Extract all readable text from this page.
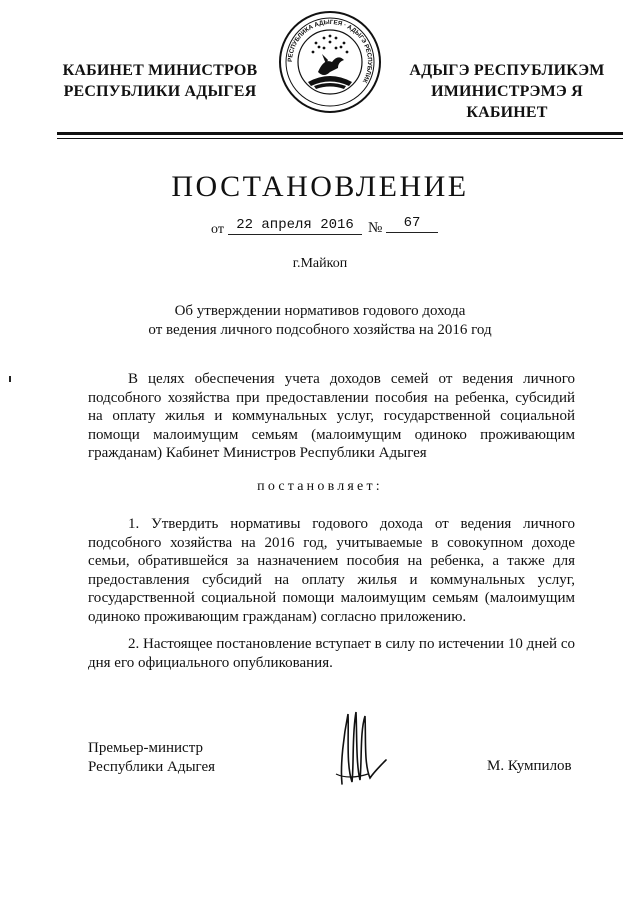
КАБИНЕТ МИНИСТРОВ
РЕСПУБЛИКИ АДЫГЕЯ
РЕСПУБЛИКА АДЫГЕЯ · АДЫГЭ РЕСПУБЛИК
АДЫГЭ РЕСПУБЛИКЭМ
ИМИНИСТРЭМЭ Я КАБИНЕТ
ПОСТАНОВЛЕНИЕ
от 22 апреля 2016 №	67
г.Майкоп
Об утверждении нормативов годового дохода
от ведения личного подсобного хозяйства на 2016 год

В целях обеспечения учета доходов семей от ведения личного подсобного хозяйства при предоставлении пособия на ребенка, субсидий на оплату жилья и коммунальных услуг, государственной социальной помощи малоимущим семьям (малоимущим одиноко проживающим гражданам) Кабинет Министров Республики Адыгея

постановляет:

1. Утвердить нормативы годового дохода от ведения личного подсобного хозяйства на 2016 год, учитываемые в совокупном доходе семьи, обратившейся за назначением пособия на ребенка, а также для предоставления субсидий на оплату жилья и коммунальных услуг, государственной социальной помощи малоимущим семьям (малоимущим одиноко проживающим гражданам) согласно приложению.

2. Настоящее постановление вступает в силу по истечении 10 дней со дня его официального опубликования.

Премьер-министр
Республики Адыгея	М. Кумпилов
